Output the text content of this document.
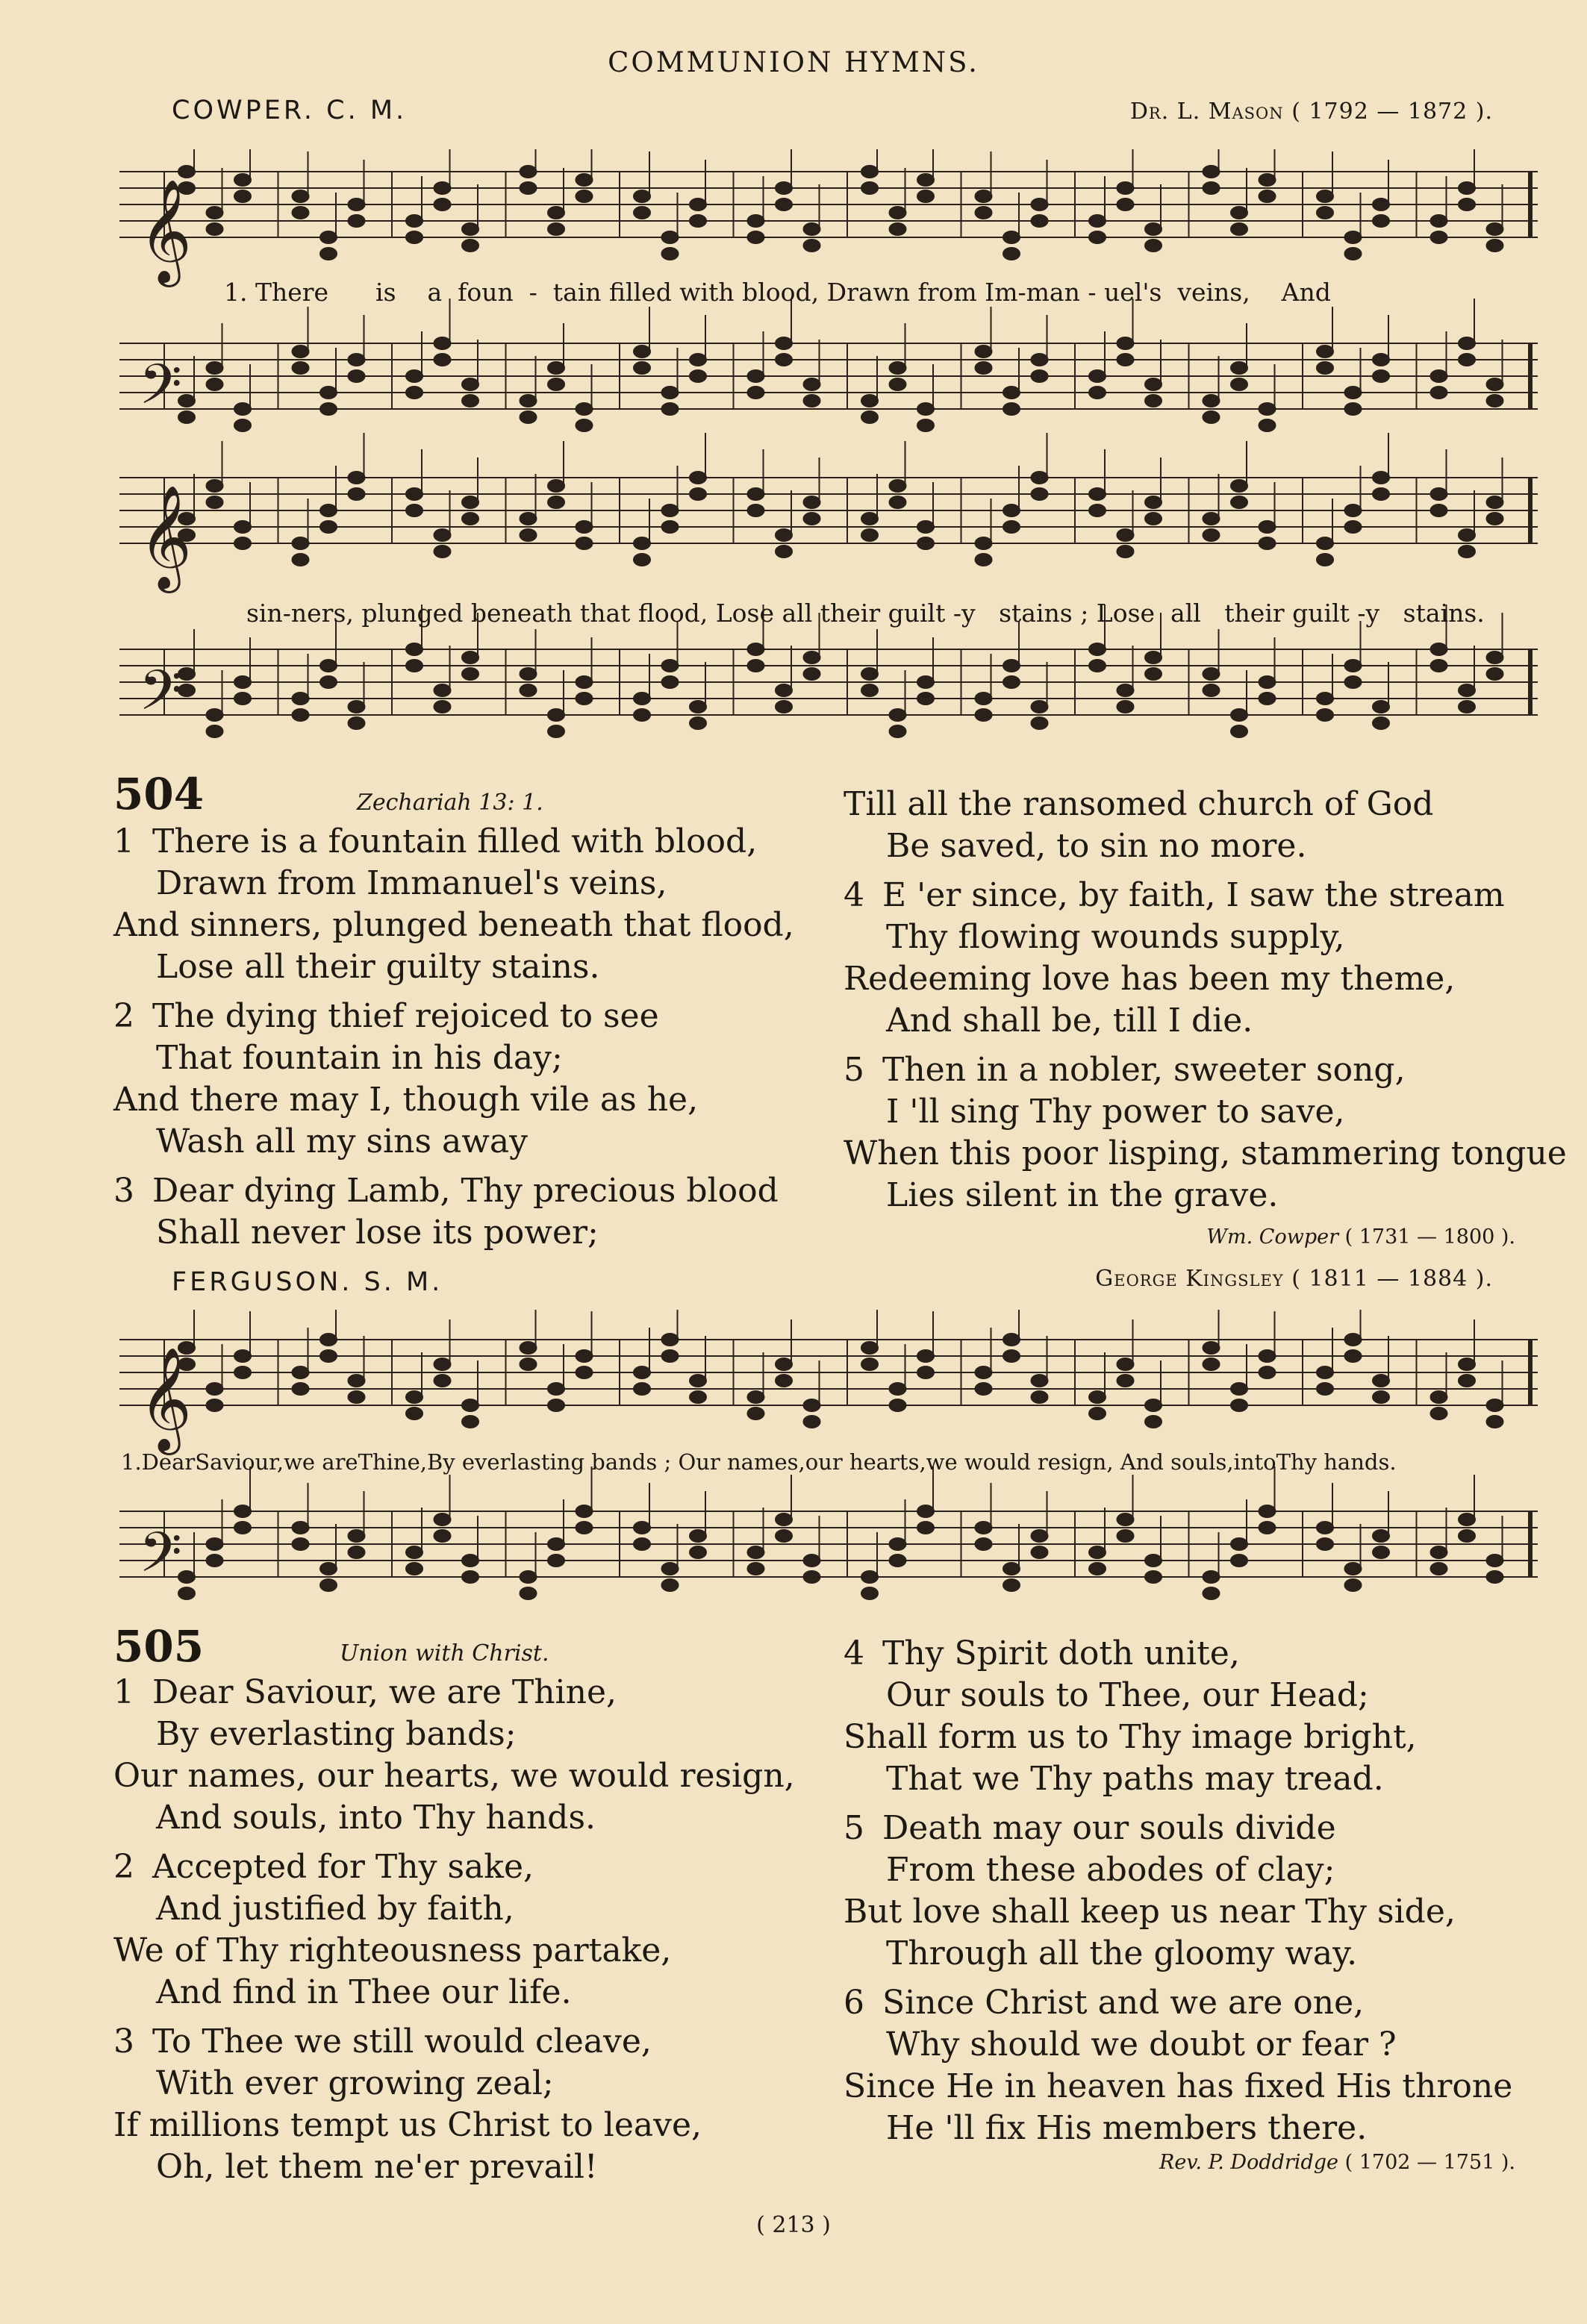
COMMUNION HYMNS.
COWPER. C. M.	Dr. L. Mason ( 1792 — 1872 ).
𝄞
𝄢
𝄞
𝄢
1. There      is    a  foun  -  tain filled with blood, Drawn from Im-man - uel's  veins,    And
sin-ners, plunged beneath that flood, Lose all their guilt -y   stains ; Lose  all   their guilt -y   stains.
504	Zechariah 13: 1.
1 There is a fountain filled with blood,
Drawn from Immanuel's veins,
And sinners, plunged beneath that flood,
Lose all their guilty stains.
2 The dying thief rejoiced to see
That fountain in his day;
And there may I, though vile as he,
Wash all my sins away
3 Dear dying Lamb, Thy precious blood
Shall never lose its power;
Till all the ransomed church of God
Be saved, to sin no more.
4 E 'er since, by faith, I saw the stream
Thy flowing wounds supply,
Redeeming love has been my theme,
And shall be, till I die.
5 Then in a nobler, sweeter song,
I 'll sing Thy power to save,
When this poor lisping, stammering tongue
Lies silent in the grave.
Wm. Cowper ( 1731 — 1800 ).
FERGUSON. S. M.	George Kingsley ( 1811 — 1884 ).
𝄞
𝄢
1.DearSaviour,we areThine,By everlasting bands ; Our names,our hearts,we would resign, And souls,intoThy hands.
505	Union with Christ.
1 Dear Saviour, we are Thine,
By everlasting bands;
Our names, our hearts, we would resign,
And souls, into Thy hands.
2 Accepted for Thy sake,
And justified by faith,
We of Thy righteousness partake,
And find in Thee our life.
3 To Thee we still would cleave,
With ever growing zeal;
If millions tempt us Christ to leave,
Oh, let them ne'er prevail!
4 Thy Spirit doth unite,
Our souls to Thee, our Head;
Shall form us to Thy image bright,
That we Thy paths may tread.
5 Death may our souls divide
From these abodes of clay;
But love shall keep us near Thy side,
Through all the gloomy way.
6 Since Christ and we are one,
Why should we doubt or fear ?
Since He in heaven has fixed His throne
He 'll fix His members there.
Rev. P. Doddridge ( 1702 — 1751 ).
( 213 )
